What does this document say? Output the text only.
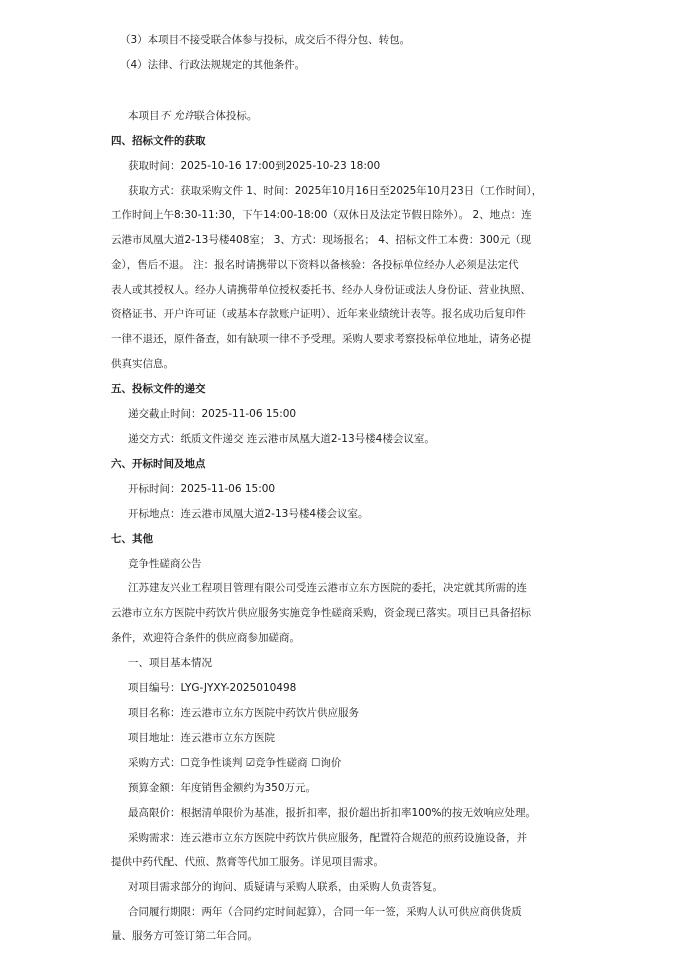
（3）本项目不接受联合体参与投标，成交后不得分包、转包。
（4）法律、行政法规规定的其他条件。
本项目不 允许联合体投标。
四、招标文件的获取
获取时间：2025-10-16 17:00到2025-10-23 18:00
获取方式：获取采购文件 1、时间：2025年10月16日至2025年10月23日（工作时间），
工作时间上午8:30-11:30，下午14:00-18:00（双休日及法定节假日除外）。 2、地点：连
云港市凤凰大道2-13号楼408室； 3、方式：现场报名； 4、招标文件工本费：300元（现
金），售后不退。 注：报名时请携带以下资料以备核验：各投标单位经办人必须是法定代
表人或其授权人。经办人请携带单位授权委托书、经办人身份证或法人身份证、营业执照、
资格证书、开户许可证（或基本存款账户证明）、近年来业绩统计表等。报名成功后复印件
一律不退还，原件备查，如有缺项一律不予受理。采购人要求考察投标单位地址，请务必提
供真实信息。
五、投标文件的递交
递交截止时间：2025-11-06 15:00
递交方式：纸质文件递交 连云港市凤凰大道2-13号楼4楼会议室。
六、开标时间及地点
开标时间：2025-11-06 15:00
开标地点：连云港市凤凰大道2-13号楼4楼会议室。
七、其他
竞争性磋商公告
江苏建友兴业工程项目管理有限公司受连云港市立东方医院的委托，决定就其所需的连
云港市立东方医院中药饮片供应服务实施竞争性磋商采购，资金现已落实。项目已具备招标
条件，欢迎符合条件的供应商参加磋商。
一、项目基本情况
项目编号：LYG-JYXY-2025010498
项目名称：连云港市立东方医院中药饮片供应服务
项目地址：连云港市立东方医院
采购方式：☐竞争性谈判 ☑竞争性磋商 ☐询价
预算金额：年度销售金额约为350万元。
最高限价：根据清单限价为基准，报折扣率，报价超出折扣率100%的按无效响应处理。
采购需求：连云港市立东方医院中药饮片供应服务，配置符合规范的煎药设施设备，并
提供中药代配、代煎、熬膏等代加工服务。详见项目需求。
对项目需求部分的询问、质疑请与采购人联系，由采购人负责答复。
合同履行期限：两年（合同约定时间起算），合同一年一签，采购人认可供应商供货质
量、服务方可签订第二年合同。
